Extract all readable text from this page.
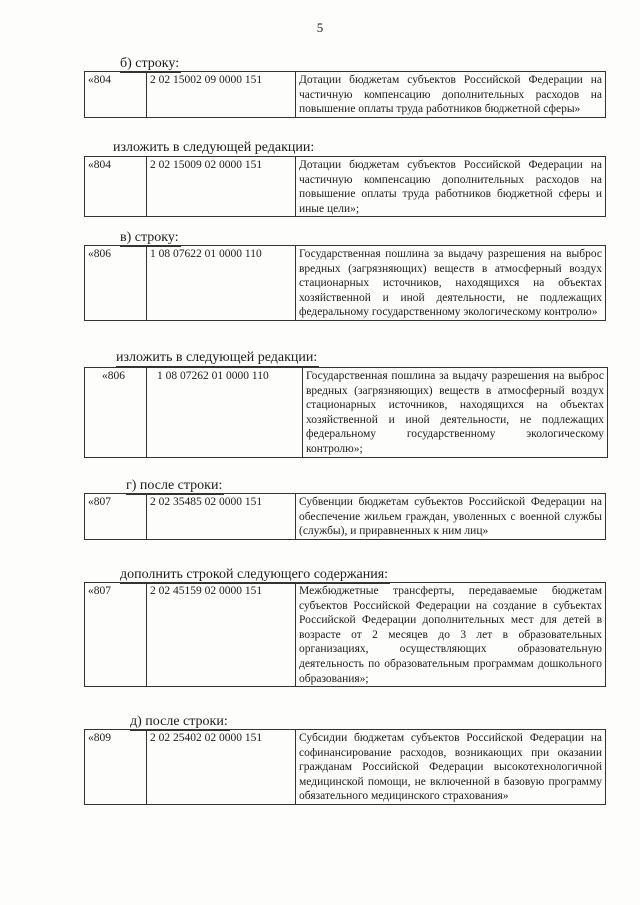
5
б) строку:
«804	2 02 15002 09 0000 151	Дотации бюджетам субъектов Российской Федерации на частичную компенсацию дополнительных расходов на повышение оплаты труда работников бюджетной сферы»
изложить в следующей редакции:
«804	2 02 15009 02 0000 151	Дотации бюджетам субъектов Российской Федерации на частичную компенсацию дополнительных расходов на повышение оплаты труда работников бюджетной сферы и иные цели»;
в) строку:
«806	1 08 07622 01 0000 110	Государственная пошлина за выдачу разрешения на выброс вредных (загрязняющих) веществ в атмосферный воздух стационарных источников, находящихся на объектах хозяйственной и иной деятельности, не подлежащих федеральному государственному экологическому контролю»
изложить в следующей редакции:
«806	1 08 07262 01 0000 110	Государственная пошлина за выдачу разрешения на выброс вредных (загрязняющих) веществ в атмосферный воздух стационарных источников, находящихся на объектах хозяйственной и иной деятельности, не подлежащих федеральному государственному экологическому контролю»;
г) после строки:
«807	2 02 35485 02 0000 151	Субвенции бюджетам субъектов Российской Федерации на обеспечение жильем граждан, уволенных с военной службы (службы), и приравненных к ним лиц»
дополнить строкой следующего содержания:
«807	2 02 45159 02 0000 151	Межбюджетные трансферты, передаваемые бюджетам субъектов Российской Федерации на создание в субъектах Российской Федерации дополнительных мест для детей в возрасте от 2 месяцев до 3 лет в образовательных организациях, осуществляющих образовательную деятельность по образовательным программам дошкольного образования»;
д) после строки:
«809	2 02 25402 02 0000 151	Субсидии бюджетам субъектов Российской Федерации на софинансирование расходов, возникающих при оказании гражданам Российской Федерации высокотехнологичной медицинской помощи, не включенной в базовую программу обязательного медицинского страхования»
